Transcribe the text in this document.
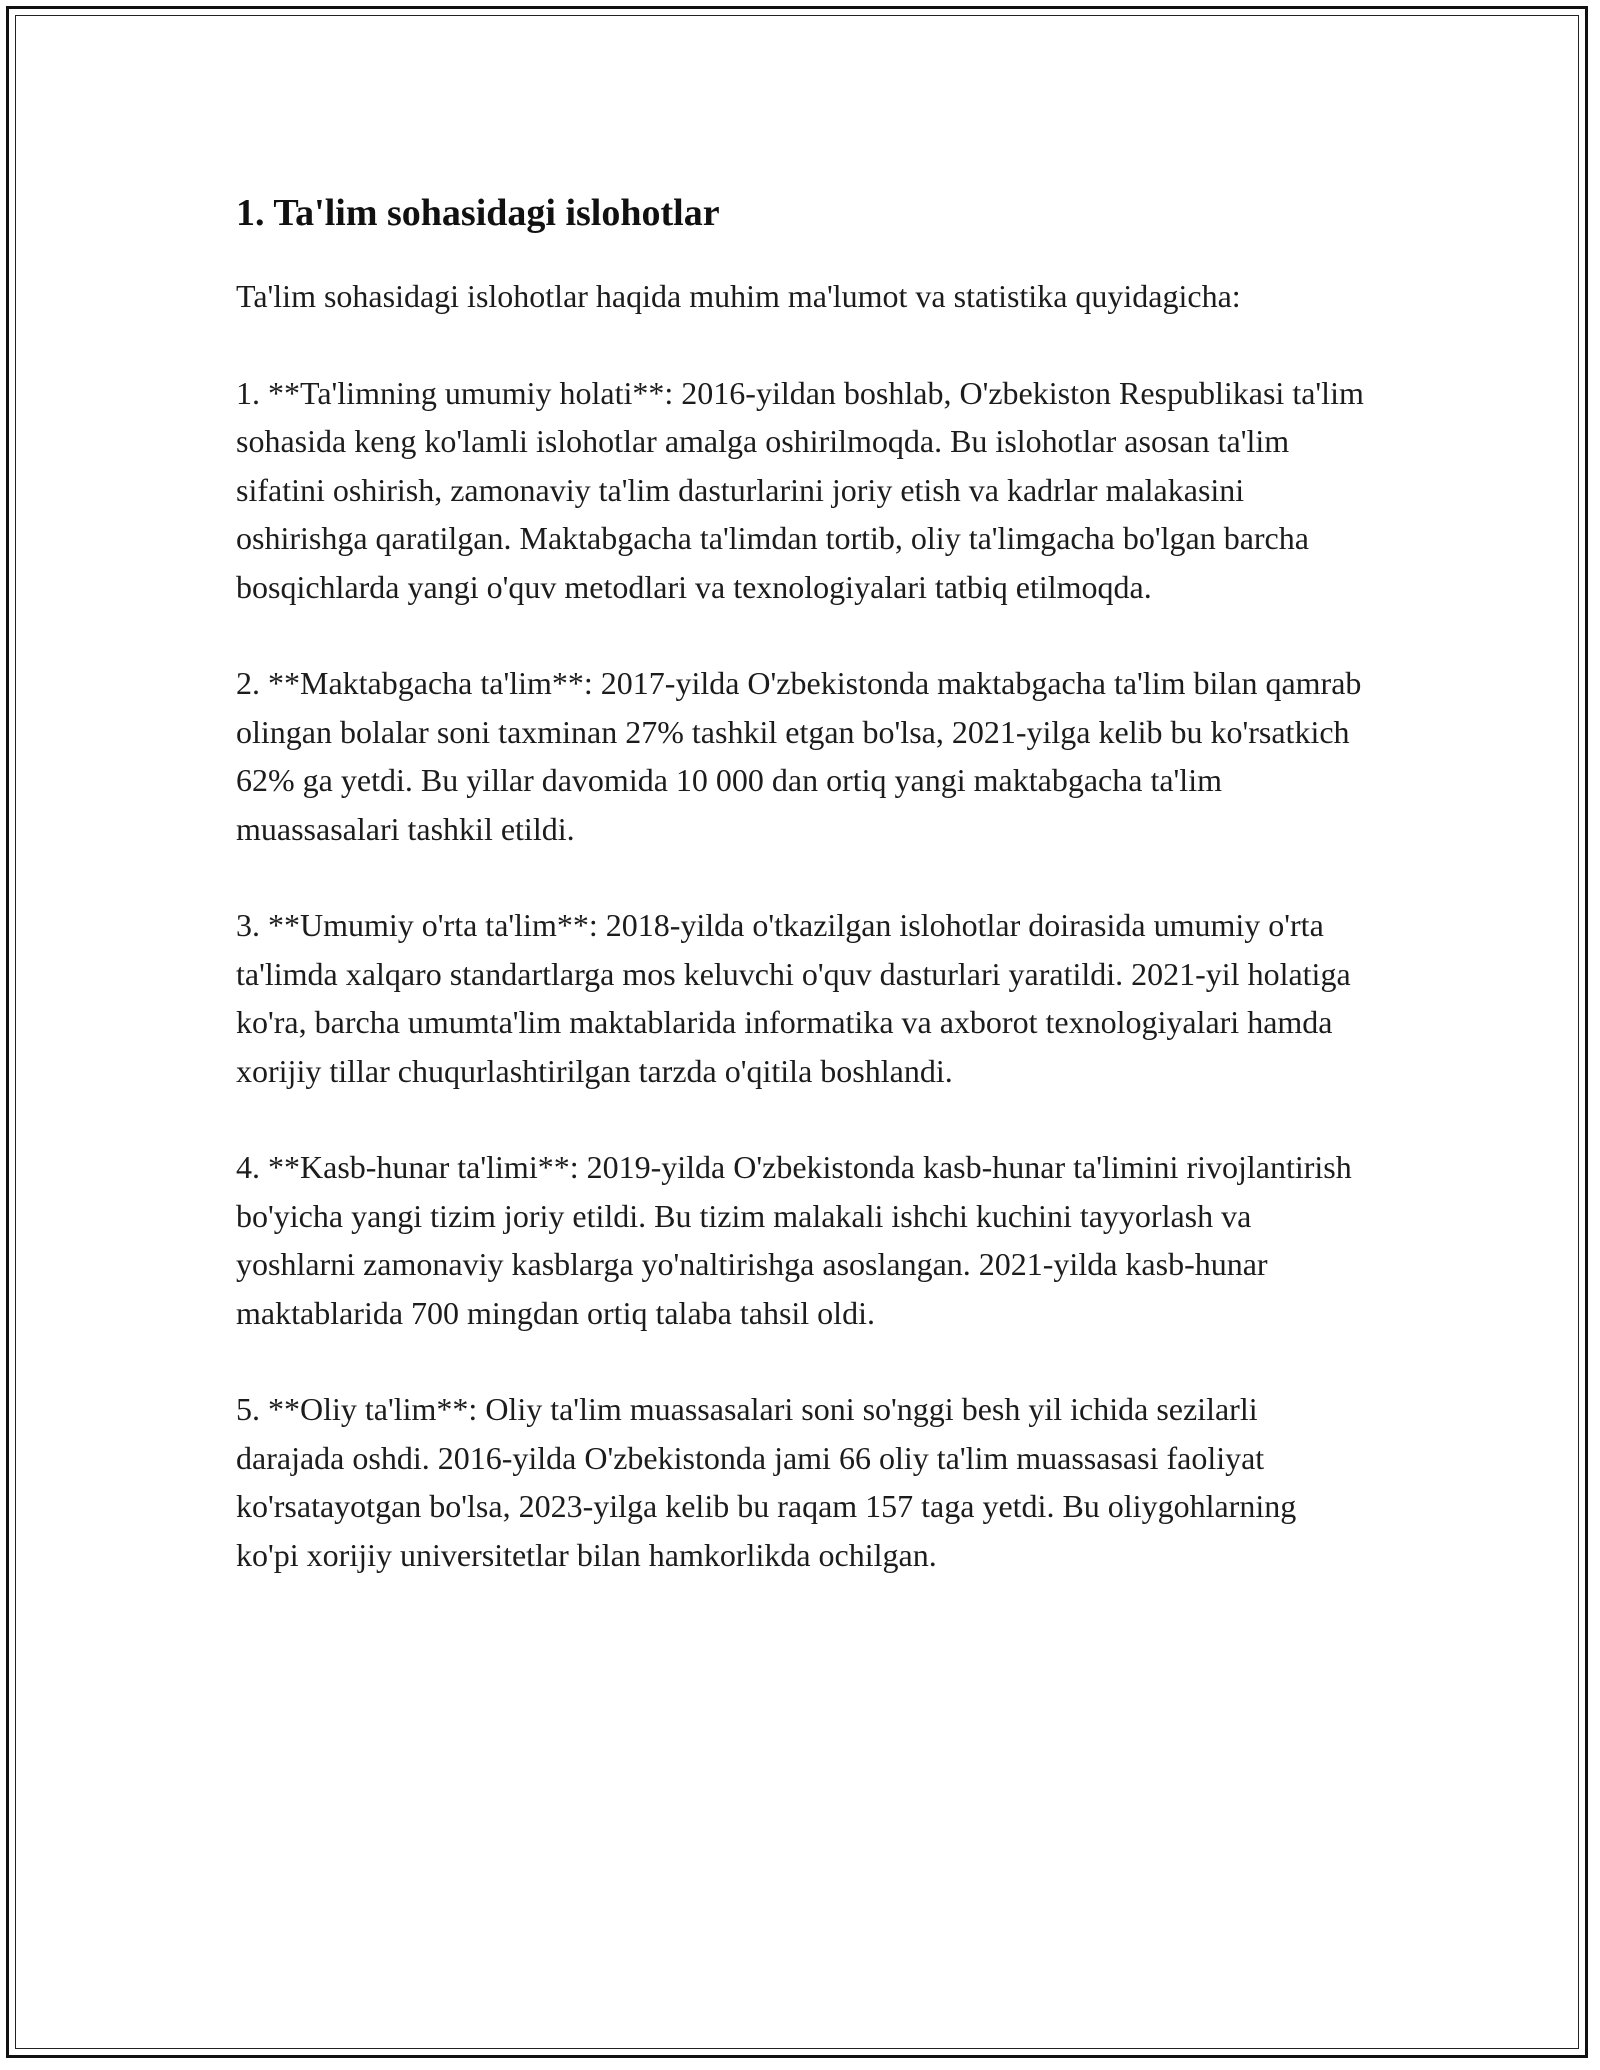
1. Ta'lim sohasidagi islohotlar

Ta'lim sohasidagi islohotlar haqida muhim ma'lumot va statistika quyidagicha:

1. **Ta'limning umumiy holati**: 2016-yildan boshlab, O'zbekiston Respublikasi ta'lim sohasida keng ko'lamli islohotlar amalga oshirilmoqda. Bu islohotlar asosan ta'lim sifatini oshirish, zamonaviy ta'lim dasturlarini joriy etish va kadrlar malakasini oshirishga qaratilgan. Maktabgacha ta'limdan tortib, oliy ta'limgacha bo'lgan barcha bosqichlarda yangi o'quv metodlari va texnologiyalari tatbiq etilmoqda.

2. **Maktabgacha ta'lim**: 2017-yilda O'zbekistonda maktabgacha ta'lim bilan qamrab olingan bolalar soni taxminan 27% tashkil etgan bo'lsa, 2021-yilga kelib bu ko'rsatkich 62% ga yetdi. Bu yillar davomida 10 000 dan ortiq yangi maktabgacha ta'lim muassasalari tashkil etildi.

3. **Umumiy o'rta ta'lim**: 2018-yilda o'tkazilgan islohotlar doirasida umumiy o'rta ta'limda xalqaro standartlarga mos keluvchi o'quv dasturlari yaratildi. 2021-yil holatiga ko'ra, barcha umumta'lim maktablarida informatika va axborot texnologiyalari hamda xorijiy tillar chuqurlashtirilgan tarzda o'qitila boshlandi.

4. **Kasb-hunar ta'limi**: 2019-yilda O'zbekistonda kasb-hunar ta'limini rivojlantirish bo'yicha yangi tizim joriy etildi. Bu tizim malakali ishchi kuchini tayyorlash va yoshlarni zamonaviy kasblarga yo'naltirishga asoslangan. 2021-yilda kasb-hunar maktablarida 700 mingdan ortiq talaba tahsil oldi.

5. **Oliy ta'lim**: Oliy ta'lim muassasalari soni so'nggi besh yil ichida sezilarli darajada oshdi. 2016-yilda O'zbekistonda jami 66 oliy ta'lim muassasasi faoliyat ko'rsatayotgan bo'lsa, 2023-yilga kelib bu raqam 157 taga yetdi. Bu oliygohlarning ko'pi xorijiy universitetlar bilan hamkorlikda ochilgan.
